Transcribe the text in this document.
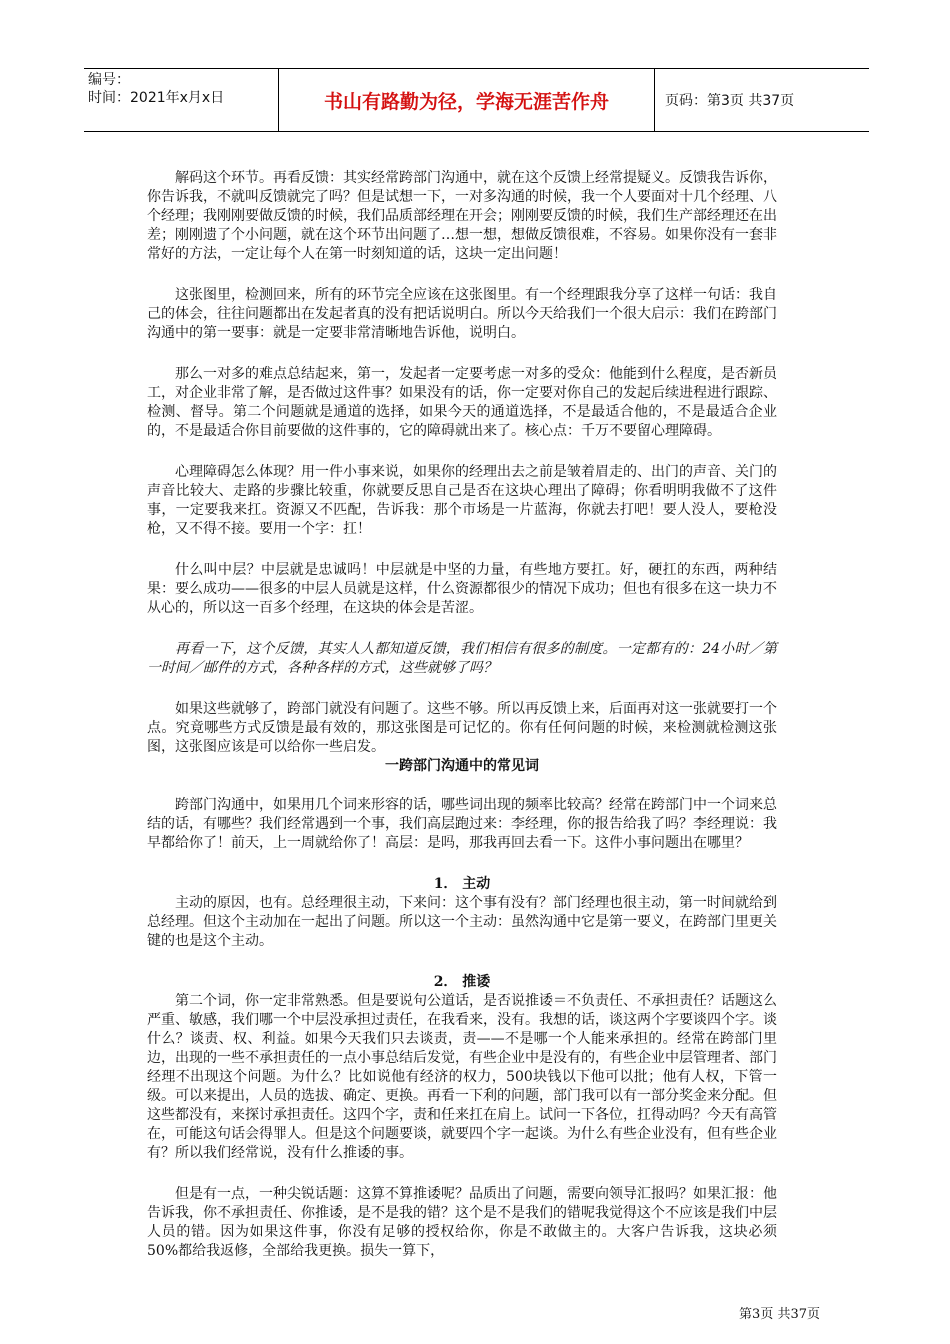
编号：
时间：2021年x月x日	书山有路勤为径，学海无涯苦作舟	页码：第3页 共37页

解码这个环节。再看反馈：其实经常跨部门沟通中，就在这个反馈上经常提疑义。反馈我告诉你，你告诉我，不就叫反馈就完了吗？但是试想一下，一对多沟通的时候，我一个人要面对十几个经理、八个经理；我刚刚要做反馈的时候，我们品质部经理在开会；刚刚要反馈的时候，我们生产部经理还在出差；刚刚遗了个小问题，就在这个环节出问题了…想一想，想做反馈很难，不容易。如果你没有一套非常好的方法，一定让每个人在第一时刻知道的话，这块一定出问题！

这张图里，检测回来，所有的环节完全应该在这张图里。有一个经理跟我分享了这样一句话：我自己的体会，往往问题都出在发起者真的没有把话说明白。所以今天给我们一个很大启示：我们在跨部门沟通中的第一要事：就是一定要非常清晰地告诉他，说明白。

那么一对多的难点总结起来，第一，发起者一定要考虑一对多的受众：他能到什么程度，是否新员工，对企业非常了解，是否做过这件事？如果没有的话，你一定要对你自己的发起后续进程进行跟踪、检测、督导。第二个问题就是通道的选择，如果今天的通道选择，不是最适合他的，不是最适合企业的，不是最适合你目前要做的这件事的，它的障碍就出来了。核心点：千万不要留心理障碍。

心理障碍怎么体现？用一件小事来说，如果你的经理出去之前是皱着眉走的、出门的声音、关门的声音比较大、走路的步骤比较重，你就要反思自己是否在这块心理出了障碍；你看明明我做不了这件事，一定要我来扛。资源又不匹配，告诉我：那个市场是一片蓝海，你就去打吧！要人没人，要枪没枪，又不得不接。要用一个字：扛！

什么叫中层？中层就是忠诚吗！中层就是中坚的力量，有些地方要扛。好，硬扛的东西，两种结果：要么成功——很多的中层人员就是这样，什么资源都很少的情况下成功；但也有很多在这一块力不从心的，所以这一百多个经理，在这块的体会是苦涩。

再看一下，这个反馈，其实人人都知道反馈，我们相信有很多的制度。一定都有的：24小时／第一时间／邮件的方式，各种各样的方式，这些就够了吗？

如果这些就够了，跨部门就没有问题了。这些不够。所以再反馈上来，后面再对这一张就要打一个点。究竟哪些方式反馈是最有效的，那这张图是可记忆的。你有任何问题的时候，来检测就检测这张图，这张图应该是可以给你一些启发。

一跨部门沟通中的常见词

跨部门沟通中，如果用几个词来形容的话，哪些词出现的频率比较高？经常在跨部门中一个词来总结的话，有哪些？我们经常遇到一个事，我们高层跑过来：李经理，你的报告给我了吗？李经理说：我早都给你了！前天，上一周就给你了！高层：是吗，那我再回去看一下。这件小事问题出在哪里？

1． 主动

主动的原因，也有。总经理很主动，下来问：这个事有没有？部门经理也很主动，第一时间就给到总经理。但这个主动加在一起出了问题。所以这一个主动：虽然沟通中它是第一要义，在跨部门里更关键的也是这个主动。

2． 推诿

第二个词，你一定非常熟悉。但是要说句公道话，是否说推诿＝不负责任、不承担责任？话题这么严重、敏感，我们哪一个中层没承担过责任，在我看来，没有。我想的话，谈这两个字要谈四个字。谈什么？谈责、权、利益。如果今天我们只去谈责，责——不是哪一个人能来承担的。经常在跨部门里边，出现的一些不承担责任的一点小事总结后发觉，有些企业中是没有的，有些企业中层管理者、部门经理不出现这个问题。为什么？比如说他有经济的权力，500块钱以下他可以批；他有人权，下管一级。可以来提出，人员的选拔、确定、更换。再看一下利的问题，部门我可以有一部分奖金来分配。但这些都没有，来探讨承担责任。这四个字，责和任来扛在肩上。试问一下各位，扛得动吗？今天有高管在，可能这句话会得罪人。但是这个问题要谈，就要四个字一起谈。为什么有些企业没有，但有些企业有？所以我们经常说，没有什么推诿的事。

但是有一点，一种尖锐话题：这算不算推诿呢？品质出了问题，需要向领导汇报吗？如果汇报：他告诉我，你不承担责任、你推诿，是不是我的错？这个是不是我们的错呢我觉得这个不应该是我们中层人员的错。因为如果这件事，你没有足够的授权给你，你是不敢做主的。大客户告诉我，这块必须50%都给我返修，全部给我更换。损失一算下，

第3页 共37页
